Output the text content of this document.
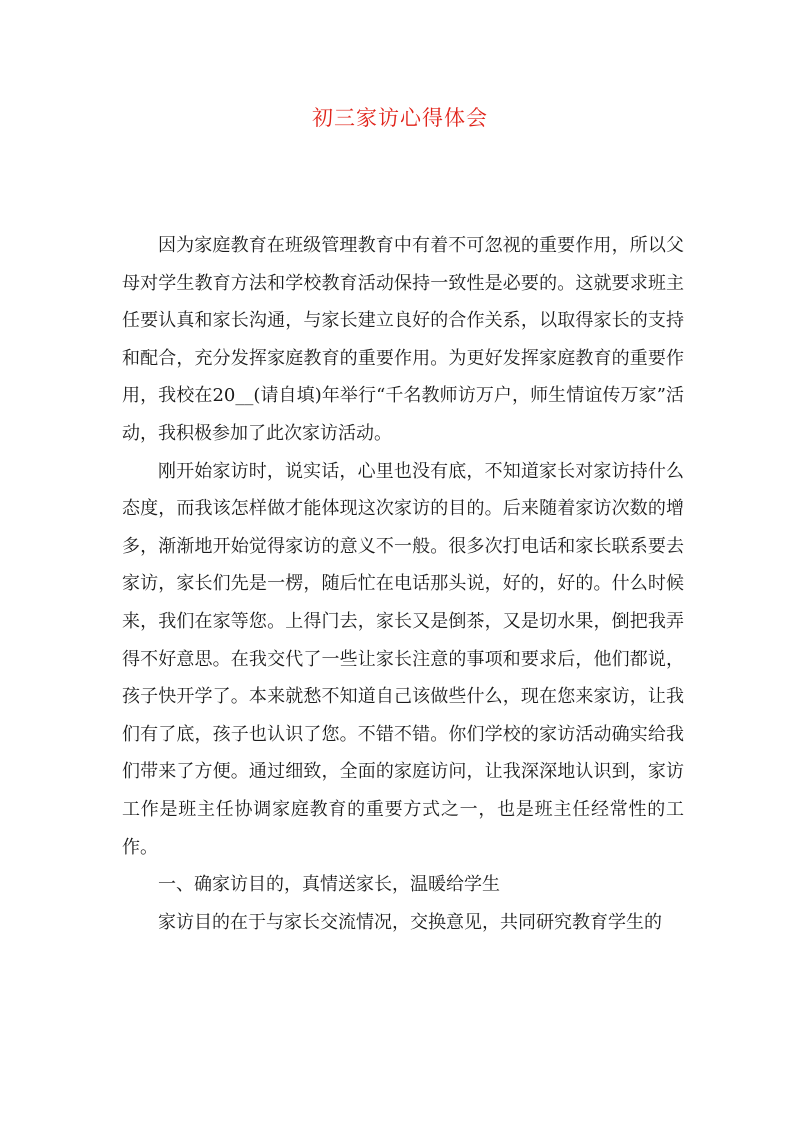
初三家访心得体会

因为家庭教育在班级管理教育中有着不可忽视的重要作用，所以父母对学生教育方法和学校教育活动保持一致性是必要的。这就要求班主任要认真和家长沟通，与家长建立良好的合作关系，以取得家长的支持和配合，充分发挥家庭教育的重要作用。为更好发挥家庭教育的重要作用，我校在20__(请自填)年举行“千名教师访万户，师生情谊传万家”活动，我积极参加了此次家访活动。

刚开始家访时，说实话，心里也没有底，不知道家长对家访持什么态度，而我该怎样做才能体现这次家访的目的。后来随着家访次数的增多，渐渐地开始觉得家访的意义不一般。很多次打电话和家长联系要去家访，家长们先是一楞，随后忙在电话那头说，好的，好的。什么时候来，我们在家等您。上得门去，家长又是倒茶，又是切水果，倒把我弄得不好意思。在我交代了一些让家长注意的事项和要求后，他们都说，孩子快开学了。本来就愁不知道自己该做些什么，现在您来家访，让我们有了底，孩子也认识了您。不错不错。你们学校的家访活动确实给我们带来了方便。通过细致，全面的家庭访问，让我深深地认识到，家访工作是班主任协调家庭教育的重要方式之一，也是班主任经常性的工作。

一、确家访目的，真情送家长，温暖给学生

家访目的在于与家长交流情况，交换意见，共同研究教育学生的
